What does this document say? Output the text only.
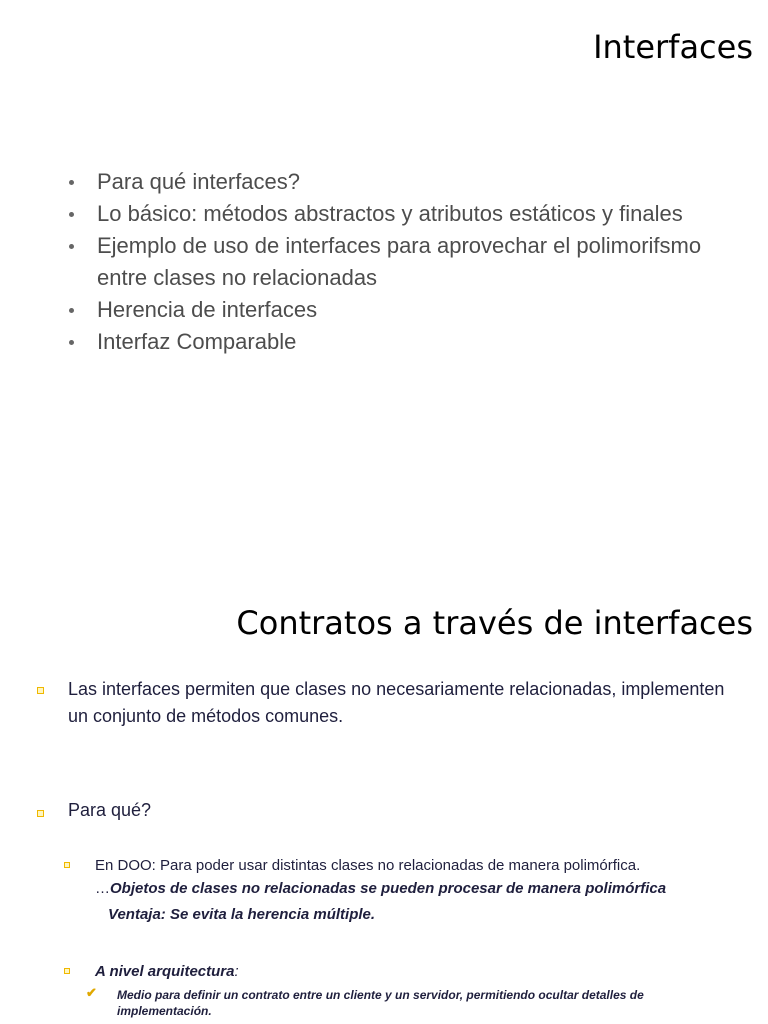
Interfaces
Para qué interfaces?
Lo básico: métodos abstractos y atributos estáticos y finales
Ejemplo de uso de interfaces para aprovechar el polimorifsmo entre clases no relacionadas
Herencia de interfaces
Interfaz Comparable
Contratos a través de interfaces
Las interfaces permiten que clases no necesariamente relacionadas, implementen un conjunto de métodos comunes.
Para qué?
En DOO: Para poder usar distintas clases no relacionadas de manera polimórfica.
…Objetos de clases no relacionadas se pueden procesar de manera polimórfica
Ventaja: Se evita la herencia múltiple.
A nivel arquitectura:
✔ Medio para definir un contrato entre un cliente y un servidor, permitiendo ocultar detalles de implementación.
